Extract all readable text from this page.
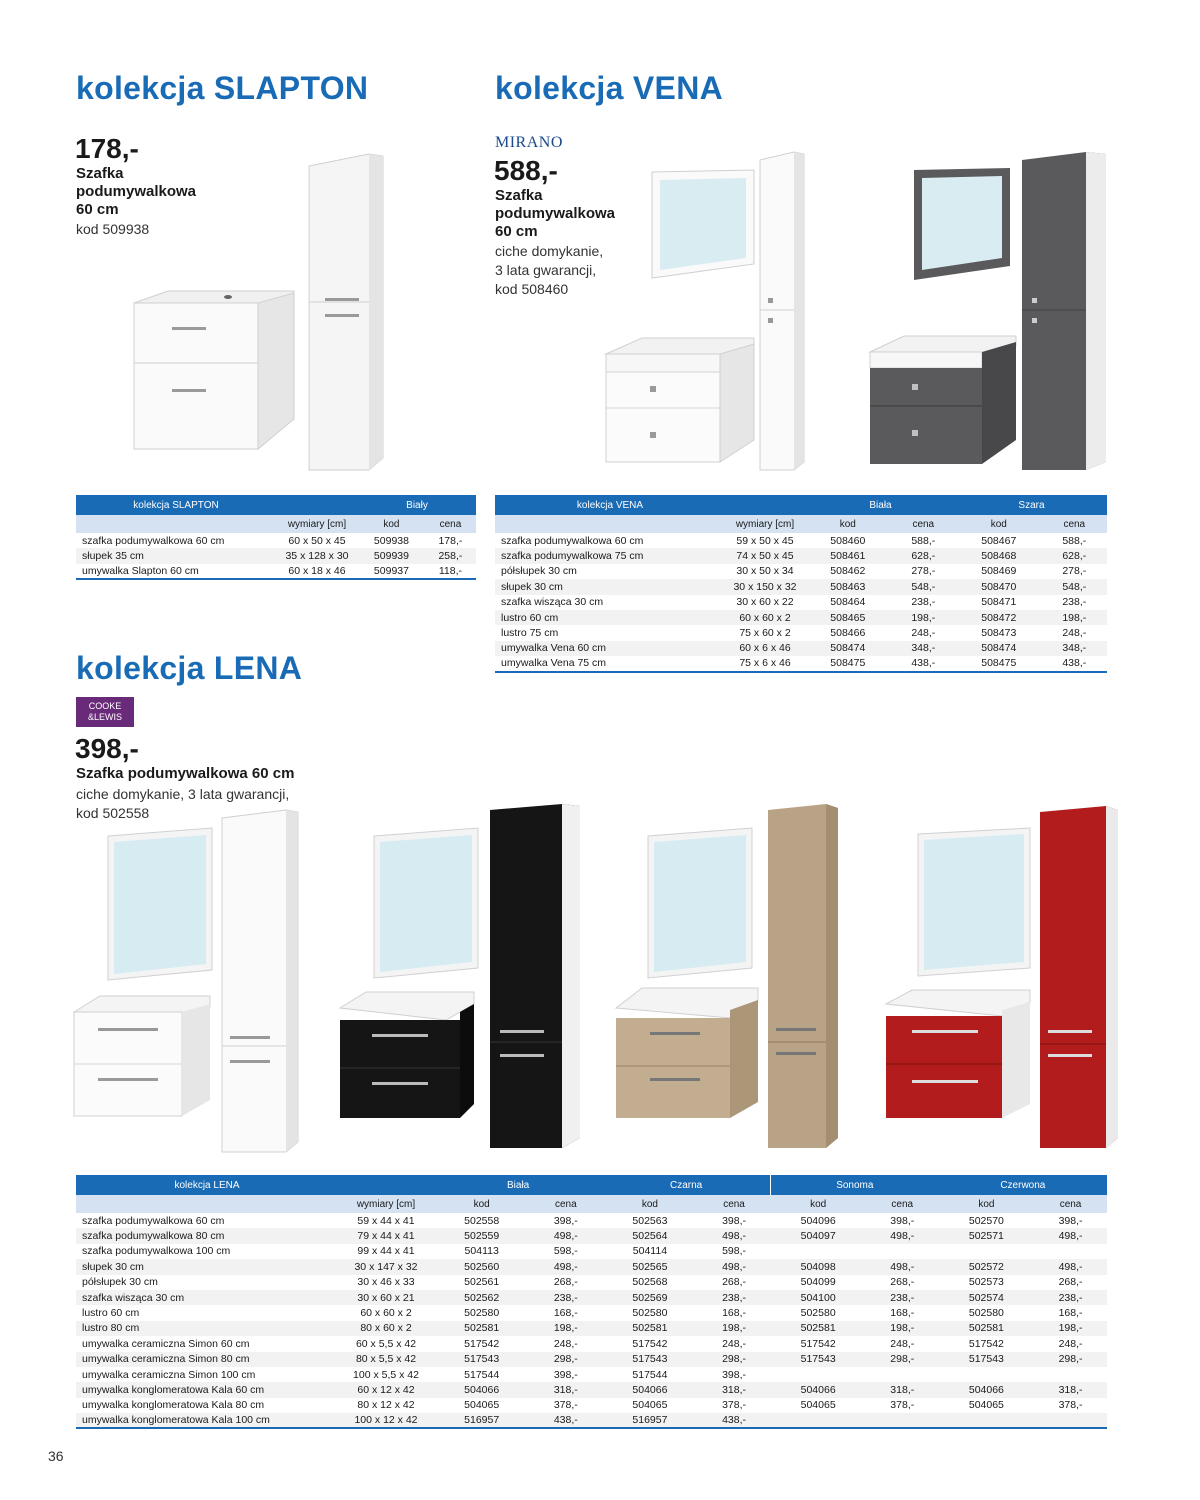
kolekcja SLAPTON
178,-
Szafka
podumywalkowa
60 cm
kod 509938
kolekcja SLAPTON		Biały	
	wymiary [cm]	kod	cena
szafka podumywalkowa 60 cm	60 x 50 x 45	509938	178,-
słupek 35 cm	35 x 128 x 30	509939	258,-
umywalka Slapton 60 cm	60 x 18 x 46	509937	118,-
kolekcja VENA
MIRANO
588,-
Szafka
podumywalkowa
60 cm
ciche domykanie,
3 lata gwarancji,
kod 508460
kolekcja VENA		Biała		Szara	
	wymiary [cm]	kod	cena	kod	cena
szafka podumywalkowa 60 cm	59 x 50 x 45	508460	588,-	508467	588,-
szafka podumywalkowa 75 cm	74 x 50 x 45	508461	628,-	508468	628,-
półsłupek 30 cm	30 x 50 x 34	508462	278,-	508469	278,-
słupek 30 cm	30 x 150 x 32	508463	548,-	508470	548,-
szafka wisząca 30 cm	30 x 60 x 22	508464	238,-	508471	238,-
lustro 60 cm	60 x 60 x 2	508465	198,-	508472	198,-
lustro 75 cm	75 x 60 x 2	508466	248,-	508473	248,-
umywalka Vena 60 cm	60 x 6 x 46	508474	348,-	508474	348,-
umywalka Vena 75 cm	75 x 6 x 46	508475	438,-	508475	438,-
kolekcja LENA
COOKE
&LEWIS
398,-
Szafka podumywalkowa 60 cm
ciche domykanie, 3 lata gwarancji,
kod 502558
kolekcja LENA		Biała		Czarna		Sonoma		Czerwona	
	wymiary [cm]	kod	cena	kod	cena	kod	cena	kod	cena
szafka podumywalkowa 60 cm	59 x 44 x 41	502558	398,-	502563	398,-	504096	398,-	502570	398,-
szafka podumywalkowa 80 cm	79 x 44 x 41	502559	498,-	502564	498,-	504097	498,-	502571	498,-
szafka podumywalkowa 100 cm	99 x 44 x 41	504113	598,-	504114	598,-				
słupek 30 cm	30 x 147 x 32	502560	498,-	502565	498,-	504098	498,-	502572	498,-
półsłupek 30 cm	30 x 46 x 33	502561	268,-	502568	268,-	504099	268,-	502573	268,-
szafka wisząca 30 cm	30 x 60 x 21	502562	238,-	502569	238,-	504100	238,-	502574	238,-
lustro 60 cm	60 x 60 x 2	502580	168,-	502580	168,-	502580	168,-	502580	168,-
lustro 80 cm	80 x 60 x 2	502581	198,-	502581	198,-	502581	198,-	502581	198,-
umywalka ceramiczna Simon 60 cm	60 x 5,5 x 42	517542	248,-	517542	248,-	517542	248,-	517542	248,-
umywalka ceramiczna Simon 80 cm	80 x 5,5 x 42	517543	298,-	517543	298,-	517543	298,-	517543	298,-
umywalka ceramiczna Simon 100 cm	100 x 5,5 x 42	517544	398,-	517544	398,-				
umywalka konglomeratowa Kala 60 cm	60 x 12 x 42	504066	318,-	504066	318,-	504066	318,-	504066	318,-
umywalka konglomeratowa Kala 80 cm	80 x 12 x 42	504065	378,-	504065	378,-	504065	378,-	504065	378,-
umywalka konglomeratowa Kala 100 cm	100 x 12 x 42	516957	438,-	516957	438,-				
36
